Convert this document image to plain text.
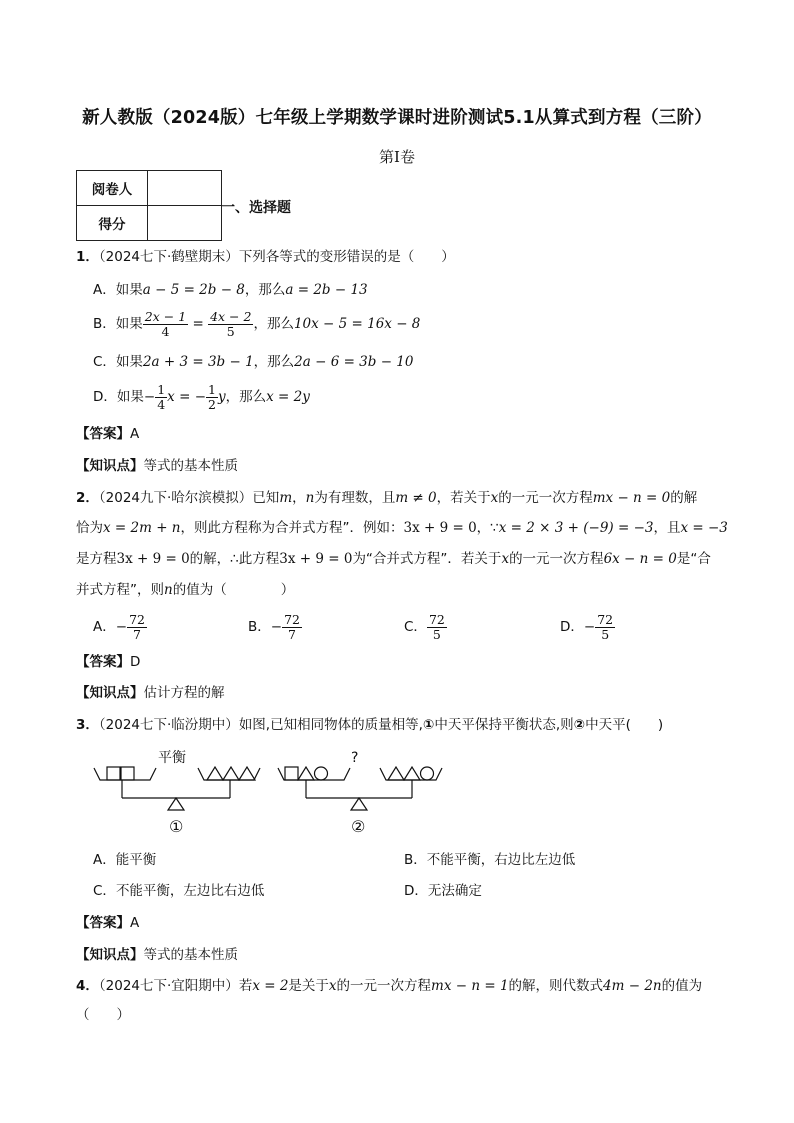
新人教版（2024版）七年级上学期数学课时进阶测试5.1从算式到方程（三阶）
第Ⅰ卷
阅卷人	
得分	
一、选择题
1．（2024七下·鹤壁期末）下列各等式的变形错误的是（　　）
A．如果a − 5 = 2b − 8，那么a = 2b − 13
B．如果 $\frac{2x - 1}{4} = \frac{4x - 2}{5}$ ，那么10x − 5 = 16x − 8
C．如果2a + 3 = 3b − 1，那么2a − 6 = 3b − 10
D．如果− $\frac{1}{4}$ x = − $\frac{1}{2}$ y，那么x = 2y
【答案】A
【知识点】等式的基本性质
2．（2024九下·哈尔滨模拟）已知m，n为有理数，且m ≠ 0，若关于x的一元一次方程mx − n = 0的解
恰为x = 2m + n，则此方程称为合并式方程”．例如：3x + 9 = 0，∵x = 2 × 3 + (−9) = −3，且x = −3
是方程3x + 9 = 0的解，∴此方程3x + 9 = 0为“合并式方程”．若关于x的一元一次方程6x − n = 0是“合
并式方程”，则n的值为（　　　　）
A．− $\frac{72}{7}$	B．− $\frac{72}{7}$	C． $\frac{72}{5}$	D．− $\frac{72}{5}$
【答案】D
【知识点】估计方程的解
3．（2024七下·临汾期中）如图,已知相同物体的质量相等,①中天平保持平衡状态,则②中天平(　　)
平衡	?
①	②
A．能平衡	B．不能平衡，右边比左边低
C．不能平衡，左边比右边低	D．无法确定
【答案】A
【知识点】等式的基本性质
4．（2024七下·宜阳期中）若x = 2是关于x的一元一次方程mx − n = 1的解，则代数式4m − 2n的值为
（　　）
